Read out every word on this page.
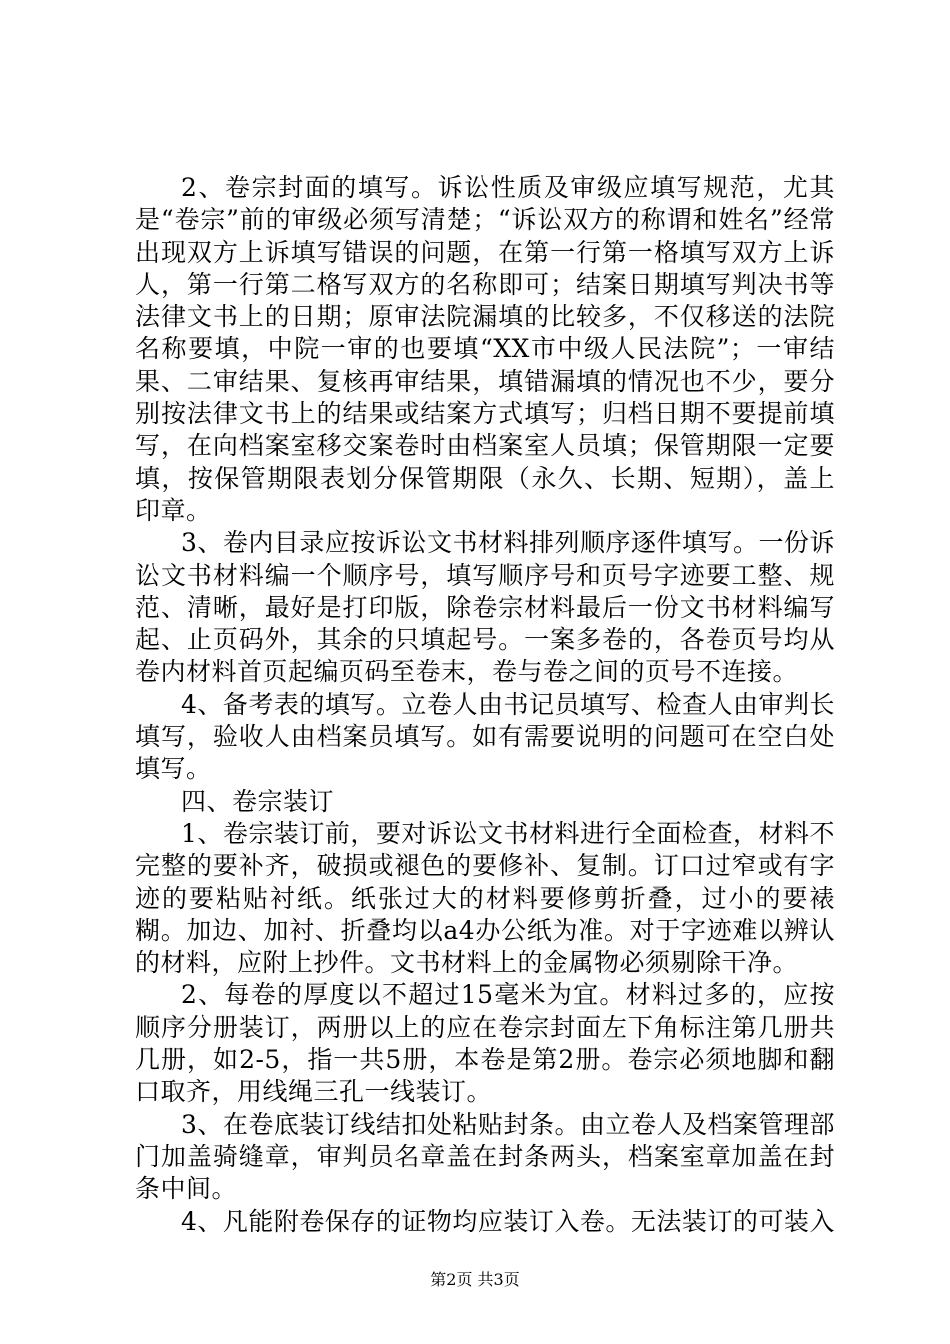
2、卷宗封面的填写。诉讼性质及审级应填写规范，尤其是“卷宗”前的审级必须写清楚；“诉讼双方的称谓和姓名”经常出现双方上诉填写错误的问题，在第一行第一格填写双方上诉人，第一行第二格写双方的名称即可；结案日期填写判决书等法律文书上的日期；原审法院漏填的比较多，不仅移送的法院名称要填，中院一审的也要填“XX市中级人民法院”；一审结果、二审结果、复核再审结果，填错漏填的情况也不少，要分别按法律文书上的结果或结案方式填写；归档日期不要提前填写，在向档案室移交案卷时由档案室人员填；保管期限一定要填，按保管期限表划分保管期限（永久、长期、短期），盖上印章。

3、卷内目录应按诉讼文书材料排列顺序逐件填写。一份诉讼文书材料编一个顺序号，填写顺序号和页号字迹要工整、规范、清晰，最好是打印版，除卷宗材料最后一份文书材料编写起、止页码外，其余的只填起号。一案多卷的，各卷页号均从卷内材料首页起编页码至卷末，卷与卷之间的页号不连接。

4、备考表的填写。立卷人由书记员填写、检查人由审判长填写，验收人由档案员填写。如有需要说明的问题可在空白处填写。

四、卷宗装订

1、卷宗装订前，要对诉讼文书材料进行全面检查，材料不完整的要补齐，破损或褪色的要修补、复制。订口过窄或有字迹的要粘贴衬纸。纸张过大的材料要修剪折叠，过小的要裱糊。加边、加衬、折叠均以a4办公纸为准。对于字迹难以辨认的材料，应附上抄件。文书材料上的金属物必须剔除干净。

2、每卷的厚度以不超过15毫米为宜。材料过多的，应按顺序分册装订，两册以上的应在卷宗封面左下角标注第几册共几册，如2-5，指一共5册，本卷是第2册。卷宗必须地脚和翻口取齐，用线绳三孔一线装订。

3、在卷底装订线结扣处粘贴封条。由立卷人及档案管理部门加盖骑缝章，审判员名章盖在封条两头，档案室章加盖在封条中间。

4、凡能附卷保存的证物均应装订入卷。无法装订的可装入

第2页 共3页
